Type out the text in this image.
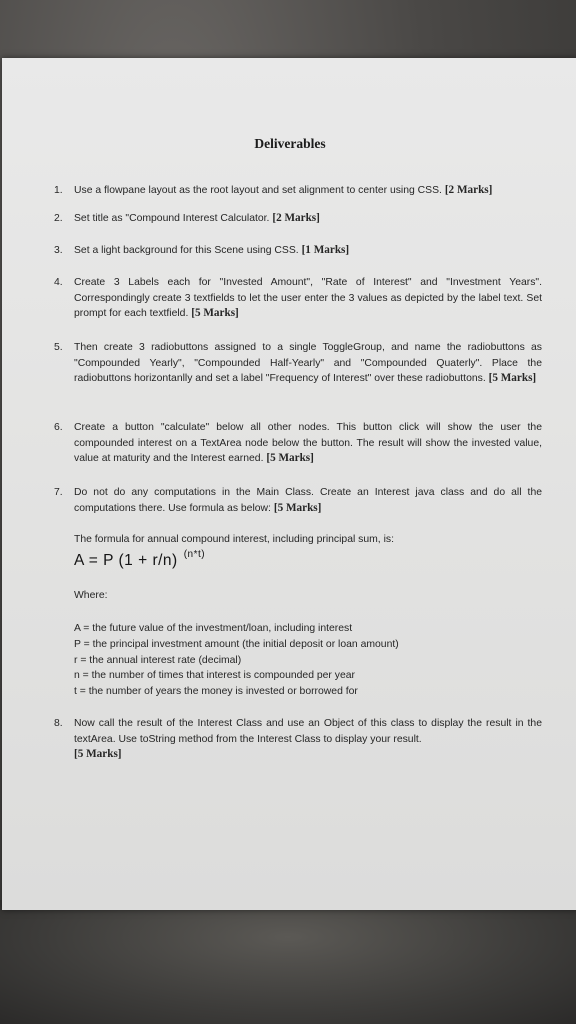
Deliverables
1.	Use a flowpane layout as the root layout and set alignment to center using CSS. [2 Marks]
2.	Set title as "Compound Interest Calculator. [2 Marks]
3.	Set a light background for this Scene using CSS. [1 Marks]
4.	Create 3 Labels each for "Invested Amount", "Rate of Interest" and "Investment Years". Correspondingly create 3 textfields to let the user enter the 3 values as depicted by the label text. Set prompt for each textfield. [5 Marks]
5.	Then create 3 radiobuttons assigned to a single ToggleGroup, and name the radiobuttons as "Compounded Yearly", "Compounded Half-Yearly" and "Compounded Quaterly". Place the radiobuttons horizontanlly and set a label "Frequency of Interest" over these radiobuttons. [5 Marks]
6.	Create a button "calculate" below all other nodes. This button click will show the user the compounded interest on a TextArea node below the button. The result will show the invested value, value at maturity and the Interest earned. [5 Marks]
7.	Do not do any computations in the Main Class. Create an Interest java class and do all the computations there. Use formula as below: [5 Marks]
The formula for annual compound interest, including principal sum, is:
A = P (1 + r/n) $^{(n*t)}$
Where:
A = the future value of the investment/loan, including interest
P = the principal investment amount (the initial deposit or loan amount)
r = the annual interest rate (decimal)
n = the number of times that interest is compounded per year
t = the number of years the money is invested or borrowed for
8.	Now call the result of the Interest Class and use an Object of this class to display the result in the textArea. Use toString method from the Interest Class to display your result.
[5 Marks]
